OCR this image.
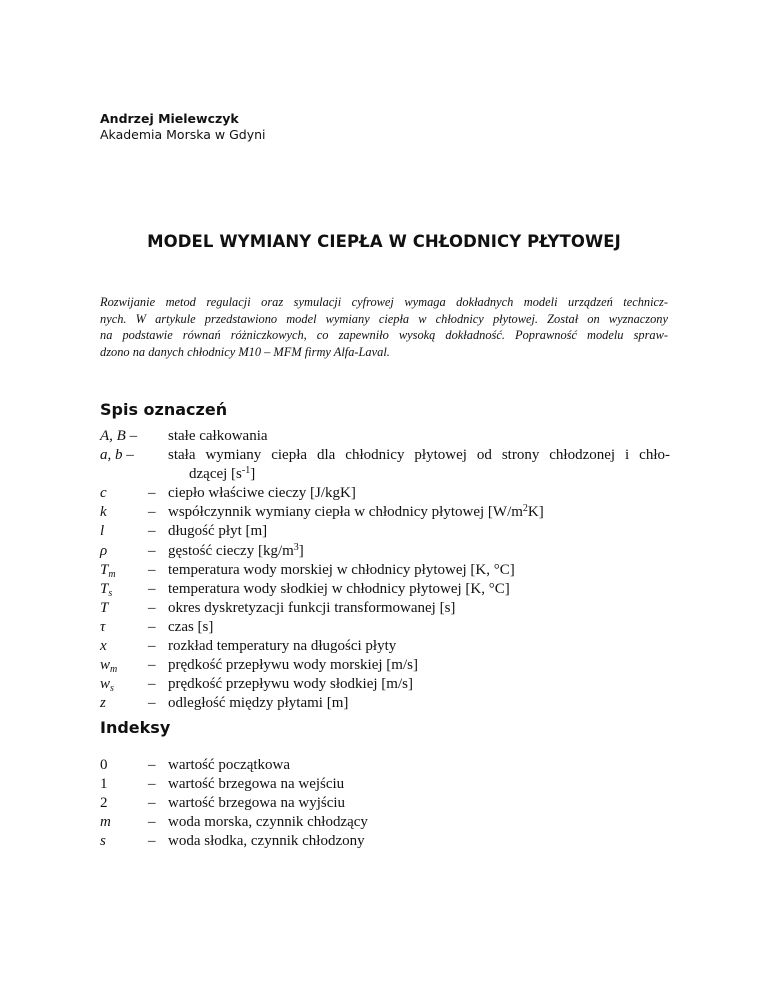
Andrzej Mielewczyk
Akademia Morska w Gdyni
MODEL WYMIANY CIEPŁA W CHŁODNICY PŁYTOWEJ
Rozwijanie metod regulacji oraz symulacji cyfrowej wymaga dokładnych modeli urządzeń technicz-
nych. W artykule przedstawiono model wymiany ciepła w chłodnicy płytowej. Został on wyznaczony
na podstawie równań różniczkowych, co zapewniło wysoką dokładność. Poprawność modelu spraw-
dzono na danych chłodnicy M10 – MFM firmy Alfa-Laval.
Spis oznaczeń
A, B –	stałe całkowania
a, b –	stała wymiany ciepła dla chłodnicy płytowej od strony chłodzonej i chło-
dzącej $[s^{-1}]$
c	– ciepło właściwe cieczy [J/kgK]
k	– współczynnik wymiany ciepła w chłodnicy płytowej $[W/m^2K]$
l	– długość płyt [m]
ρ	– gęstość cieczy $[kg/m^3]$
$T_m$	– temperatura wody morskiej w chłodnicy płytowej [K, °C]
$T_s$	– temperatura wody słodkiej w chłodnicy płytowej [K, °C]
T	– okres dyskretyzacji funkcji transformowanej [s]
τ	– czas [s]
x	– rozkład temperatury na długości płyty
$w_m$	– prędkość przepływu wody morskiej [m/s]
$w_s$	– prędkość przepływu wody słodkiej [m/s]
z	– odległość między płytami [m]
Indeksy
0	– wartość początkowa
1	– wartość brzegowa na wejściu
2	– wartość brzegowa na wyjściu
m	– woda morska, czynnik chłodzący
s	– woda słodka, czynnik chłodzony
